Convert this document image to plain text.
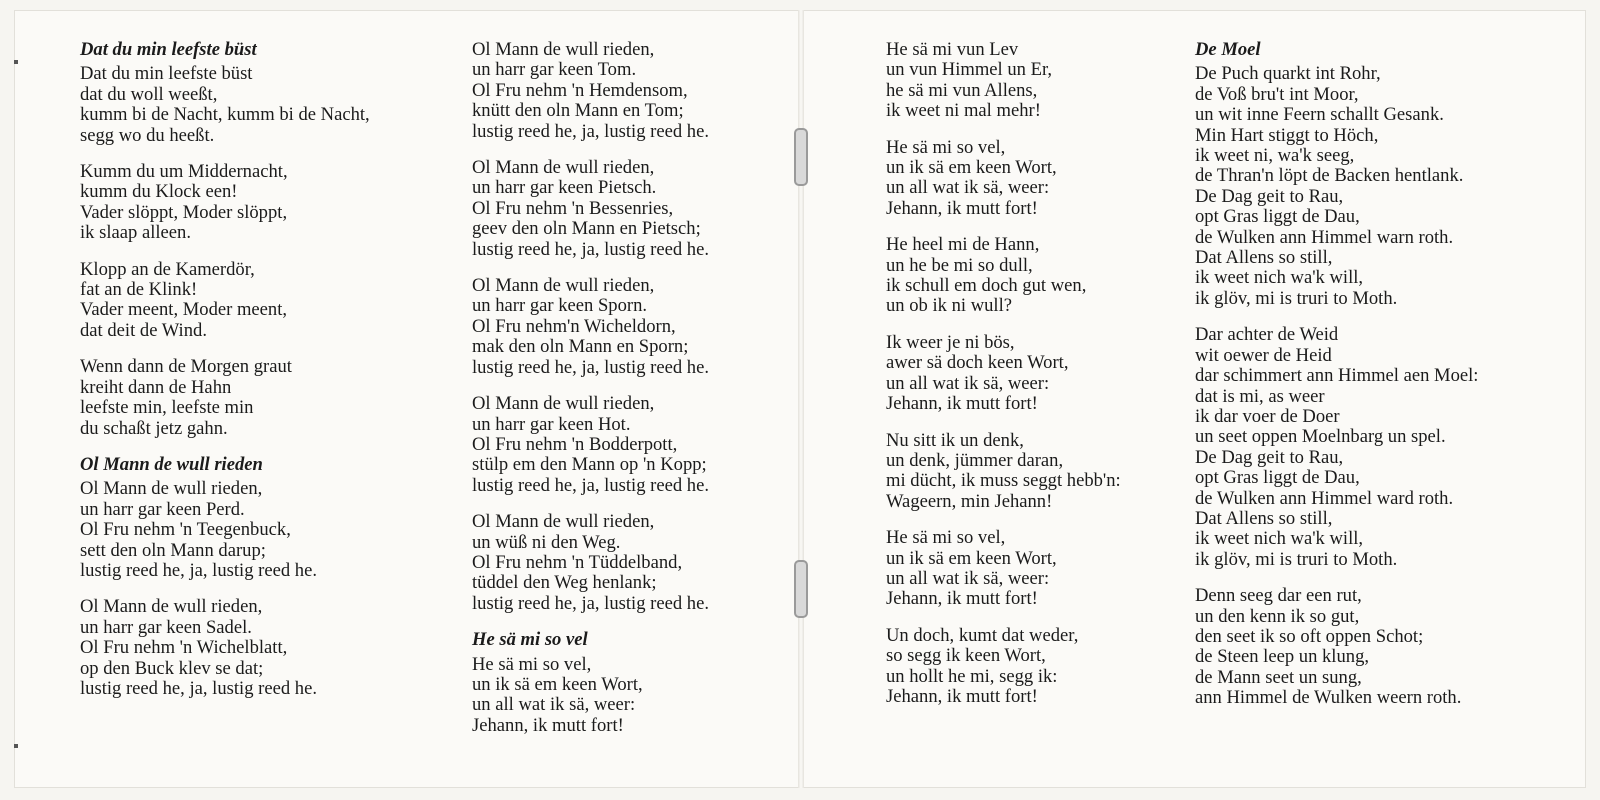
Dat du min leefste büst
Dat du min leefste büst
dat du woll weeßt,
kumm bi de Nacht, kumm bi de Nacht,
segg wo du heeßt.
Kumm du um Middernacht,
kumm du Klock een!
Vader slöppt, Moder slöppt,
ik slaap alleen.
Klopp an de Kamerdör,
fat an de Klink!
Vader meent, Moder meent,
dat deit de Wind.
Wenn dann de Morgen graut
kreiht dann de Hahn
leefste min, leefste min
du schaßt jetz gahn.
Ol Mann de wull rieden
Ol Mann de wull rieden,
un harr gar keen Perd.
Ol Fru nehm 'n Teegenbuck,
sett den oln Mann darup;
lustig reed he, ja, lustig reed he.
Ol Mann de wull rieden,
un harr gar keen Sadel.
Ol Fru nehm 'n Wichelblatt,
op den Buck klev se dat;
lustig reed he, ja, lustig reed he.
Ol Mann de wull rieden,
un harr gar keen Tom.
Ol Fru nehm 'n Hemdensom,
knütt den oln Mann en Tom;
lustig reed he, ja, lustig reed he.
Ol Mann de wull rieden,
un harr gar keen Pietsch.
Ol Fru nehm 'n Bessenries,
geev den oln Mann en Pietsch;
lustig reed he, ja, lustig reed he.
Ol Mann de wull rieden,
un harr gar keen Sporn.
Ol Fru nehm'n Wicheldorn,
mak den oln Mann en Sporn;
lustig reed he, ja, lustig reed he.
Ol Mann de wull rieden,
un harr gar keen Hot.
Ol Fru nehm 'n Bodderpott,
stülp em den Mann op 'n Kopp;
lustig reed he, ja, lustig reed he.
Ol Mann de wull rieden,
un wüß ni den Weg.
Ol Fru nehm 'n Tüddelband,
tüddel den Weg henlank;
lustig reed he, ja, lustig reed he.
He sä mi so vel
He sä mi so vel,
un ik sä em keen Wort,
un all wat ik sä, weer:
Jehann, ik mutt fort!
He sä mi vun Lev
un vun Himmel un Er,
he sä mi vun Allens,
ik weet ni mal mehr!
He sä mi so vel,
un ik sä em keen Wort,
un all wat ik sä, weer:
Jehann, ik mutt fort!
He heel mi de Hann,
un he be mi so dull,
ik schull em doch gut wen,
un ob ik ni wull?
Ik weer je ni bös,
awer sä doch keen Wort,
un all wat ik sä, weer:
Jehann, ik mutt fort!
Nu sitt ik un denk,
un denk, jümmer daran,
mi dücht, ik muss seggt hebb'n:
Wageern, min Jehann!
He sä mi so vel,
un ik sä em keen Wort,
un all wat ik sä, weer:
Jehann, ik mutt fort!
Un doch, kumt dat weder,
so segg ik keen Wort,
un hollt he mi, segg ik:
Jehann, ik mutt fort!
De Moel
De Puch quarkt int Rohr,
de Voß bru't int Moor,
un wit inne Feern schallt Gesank.
Min Hart stiggt to Höch,
ik weet ni, wa'k seeg,
de Thran'n löpt de Backen hentlank.
De Dag geit to Rau,
opt Gras liggt de Dau,
de Wulken ann Himmel warn roth.
Dat Allens so still,
ik weet nich wa'k will,
ik glöv, mi is truri to Moth.
Dar achter de Weid
wit oewer de Heid
dar schimmert ann Himmel aen Moel:
dat is mi, as weer
ik dar voer de Doer
un seet oppen Moelnbarg un spel.
De Dag geit to Rau,
opt Gras liggt de Dau,
de Wulken ann Himmel ward roth.
Dat Allens so still,
ik weet nich wa'k will,
ik glöv, mi is truri to Moth.
Denn seeg dar een rut,
un den kenn ik so gut,
den seet ik so oft oppen Schot;
de Steen leep un klung,
de Mann seet un sung,
ann Himmel de Wulken weern roth.
